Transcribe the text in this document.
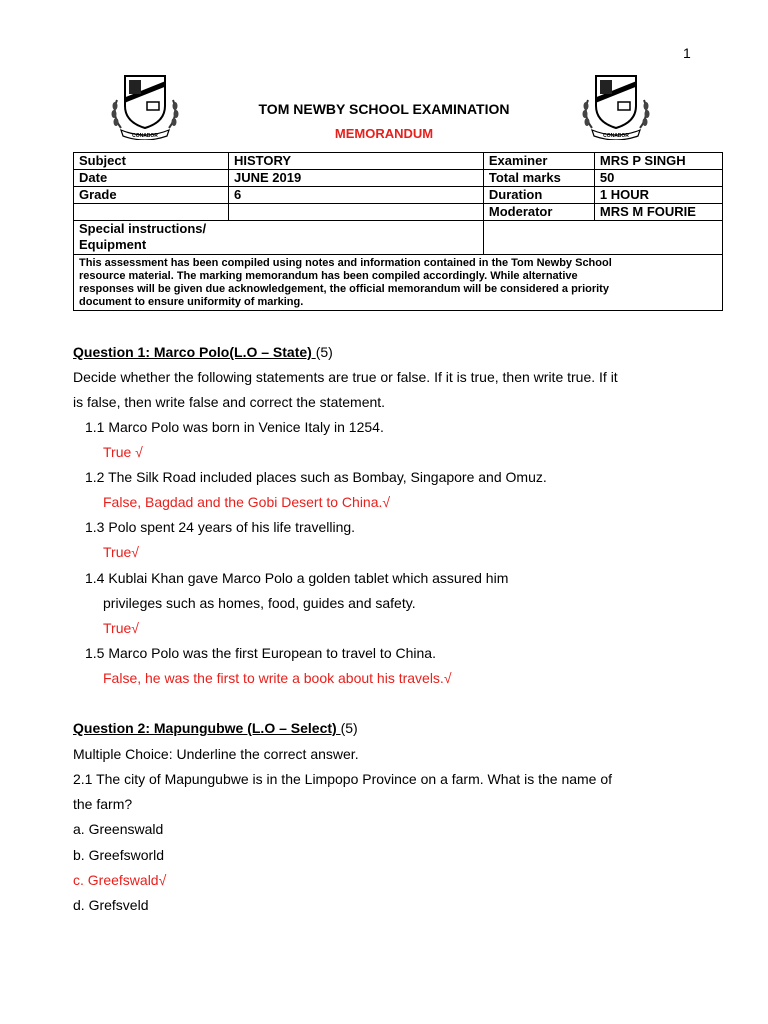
1
CONABOR	CONABOR
TOM NEWBY SCHOOL EXAMINATION
MEMORANDUM
Subject	HISTORY	Examiner	MRS P SINGH
Date	JUNE 2019	Total marks	50
Grade	6	Duration	1 HOUR
		Moderator	MRS M FOURIE

Special instructions/
Equipment			

This assessment has been compiled using notes and information contained in the Tom Newby School
resource material. The marking memorandum has been compiled accordingly. While alternative
responses will be given due acknowledgement, the official memorandum will be considered a priority
document to ensure uniformity of marking.			
Question 1: Marco Polo(L.O – State) (5)
Decide whether the following statements are true or false. If it is true, then write true. If it
is false, then write false and correct the statement.
1.1 Marco Polo was born in Venice Italy in 1254.
True √
1.2 The Silk Road included places such as Bombay, Singapore and Omuz.
False, Bagdad and the Gobi Desert to China.√
1.3 Polo spent 24 years of his life travelling.
True√
1.4 Kublai Khan gave Marco Polo a golden tablet which assured him
privileges such as homes, food, guides and safety.
True√
1.5 Marco Polo was the first European to travel to China.
False, he was the first to write a book about his travels.√
Question 2: Mapungubwe (L.O – Select) (5)
Multiple Choice: Underline the correct answer.
2.1 The city of Mapungubwe is in the Limpopo Province on a farm. What is the name of
the farm?
a. Greenswald
b. Greefsworld
c. Greefswald√
d. Grefsveld
